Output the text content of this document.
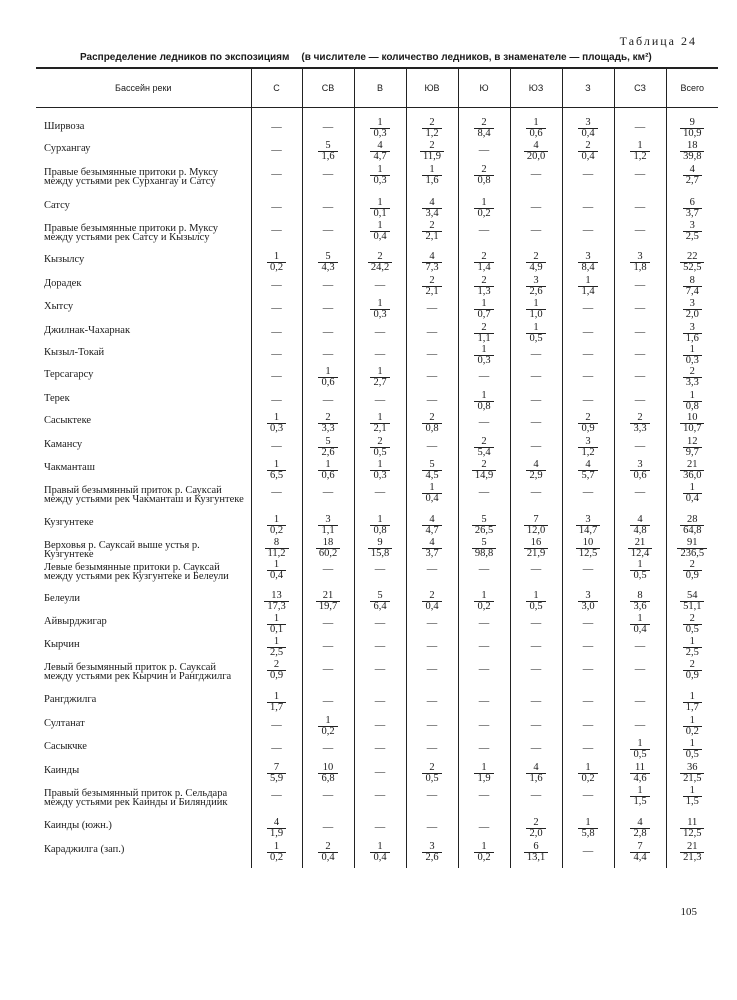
Таблица 24
Распределение ледников по экспозициям (в числителе — количество ледников, в знаменателе — площадь, км²)
Бассейн реки	С	СВ	В	ЮВ	Ю	ЮЗ	З	СЗ	Всего
Ширвоза	—	—	$\frac{1}{0,3}$	$\frac{2}{1,2}$	$\frac{2}{8,4}$	$\frac{1}{0,6}$	$\frac{3}{0,4}$	—	$\frac{9}{10,9}$

Сурхангау	—	$\frac{5}{1,6}$	$\frac{4}{4,7}$	$\frac{2}{11,9}$	—	$\frac{4}{20,0}$	$\frac{2}{0,4}$	$\frac{1}{1,2}$	$\frac{18}{39,8}$

Правые безымянные притоки р. Муксу между устьями рек Сурхангау и Сатсу	—	—	$\frac{1}{0,3}$	$\frac{1}{1,6}$	$\frac{2}{0,8}$	—	—	—	$\frac{4}{2,7}$

Сатсу	—	—	$\frac{1}{0,1}$	$\frac{4}{3,4}$	$\frac{1}{0,2}$	—	—	—	$\frac{6}{3,7}$

Правые безымянные притоки р. Муксу между устьями рек Сатсу и Кызылсу	—	—	$\frac{1}{0,4}$	$\frac{2}{2,1}$	—	—	—	—	$\frac{3}{2,5}$

Кызылсу	$\frac{1}{0,2}$	$\frac{5}{4,3}$	$\frac{2}{24,2}$	$\frac{4}{7,3}$	$\frac{2}{1,4}$	$\frac{2}{4,9}$	$\frac{3}{8,4}$	$\frac{3}{1,8}$	$\frac{22}{52,5}$

Дорадек	—	—	—	$\frac{2}{2,1}$	$\frac{2}{1,3}$	$\frac{3}{2,6}$	$\frac{1}{1,4}$	—	$\frac{8}{7,4}$

Хытсу	—	—	$\frac{1}{0,3}$	—	$\frac{1}{0,7}$	$\frac{1}{1,0}$	—	—	$\frac{3}{2,0}$

Джилнак-Чахарнак	—	—	—	—	$\frac{2}{1,1}$	$\frac{1}{0,5}$	—	—	$\frac{3}{1,6}$

Кызыл-Токай	—	—	—	—	$\frac{1}{0,3}$	—	—	—	$\frac{1}{0,3}$

Терсагарсу	—	$\frac{1}{0,6}$	$\frac{1}{2,7}$	—	—	—	—	—	$\frac{2}{3,3}$

Терек	—	—	—	—	$\frac{1}{0,8}$	—	—	—	$\frac{1}{0,8}$

Сасыктеке	$\frac{1}{0,3}$	$\frac{2}{3,3}$	$\frac{1}{2,1}$	$\frac{2}{0,8}$	—	—	$\frac{2}{0,9}$	$\frac{2}{3,3}$	$\frac{10}{10,7}$

Камансу	—	$\frac{5}{2,6}$	$\frac{2}{0,5}$	—	$\frac{2}{5,4}$	—	$\frac{3}{1,2}$	—	$\frac{12}{9,7}$

Чакманташ	$\frac{1}{6,5}$	$\frac{1}{0,6}$	$\frac{1}{0,3}$	$\frac{5}{4,5}$	$\frac{2}{14,9}$	$\frac{4}{2,9}$	$\frac{4}{5,7}$	$\frac{3}{0,6}$	$\frac{21}{36,0}$

Правый безымянный приток р. Саукcай между устьями рек Чакманташ и Кузгунтеке	—	—	—	$\frac{1}{0,4}$	—	—	—	—	$\frac{1}{0,4}$

Кузгунтеке	$\frac{1}{0,2}$	$\frac{3}{1,1}$	$\frac{1}{0,8}$	$\frac{4}{4,7}$	$\frac{5}{26,5}$	$\frac{7}{12,0}$	$\frac{3}{14,7}$	$\frac{4}{4,8}$	$\frac{28}{64,8}$

Верховья р. Саукcай выше устья р. Кузгунтеке	$\frac{8}{11,2}$	$\frac{18}{60,2}$	$\frac{9}{15,8}$	$\frac{4}{3,7}$	$\frac{5}{98,8}$	$\frac{16}{21,9}$	$\frac{10}{12,5}$	$\frac{21}{12,4}$	$\frac{91}{236,5}$

Левые безымянные притоки р. Саукcай между устьями рек Кузгунтеке и Белеули	$\frac{1}{0,4}$	—	—	—	—	—	—	$\frac{1}{0,5}$	$\frac{2}{0,9}$

Белеули	$\frac{13}{17,3}$	$\frac{21}{19,7}$	$\frac{5}{6,4}$	$\frac{2}{0,4}$	$\frac{1}{0,2}$	$\frac{1}{0,5}$	$\frac{3}{3,0}$	$\frac{8}{3,6}$	$\frac{54}{51,1}$

Айвырджигар	$\frac{1}{0,1}$	—	—	—	—	—	—	$\frac{1}{0,4}$	$\frac{2}{0,5}$

Кырчин	$\frac{1}{2,5}$	—	—	—	—	—	—	—	$\frac{1}{2,5}$

Левый безымянный приток р. Саукcай между устьями рек Кырчин и Рангджилга	$\frac{2}{0,9}$	—	—	—	—	—	—	—	$\frac{2}{0,9}$

Рангджилга	$\frac{1}{1,7}$	—	—	—	—	—	—	—	$\frac{1}{1,7}$

Султанат	—	$\frac{1}{0,2}$	—	—	—	—	—	—	$\frac{1}{0,2}$

Сасыкчке	—	—	—	—	—	—	—	$\frac{1}{0,5}$	$\frac{1}{0,5}$

Каинды	$\frac{7}{5,9}$	$\frac{10}{6,8}$	—	$\frac{2}{0,5}$	$\frac{1}{1,9}$	$\frac{4}{1,6}$	$\frac{1}{0,2}$	$\frac{11}{4,6}$	$\frac{36}{21,5}$

Правый безымянный приток р. Сельдара между устьями рек Каинды и Биляндиик	—	—	—	—	—	—	—	$\frac{1}{1,5}$	$\frac{1}{1,5}$

Каинды (южн.)	$\frac{4}{1,9}$	—	—	—	—	$\frac{2}{2,0}$	$\frac{1}{5,8}$	$\frac{4}{2,8}$	$\frac{11}{12,5}$

Караджилга (зап.)	$\frac{1}{0,2}$	$\frac{2}{0,4}$	$\frac{1}{0,4}$	$\frac{3}{2,6}$	$\frac{1}{0,2}$	$\frac{6}{13,1}$	—	$\frac{7}{4,4}$	$\frac{21}{21,3}$
105
